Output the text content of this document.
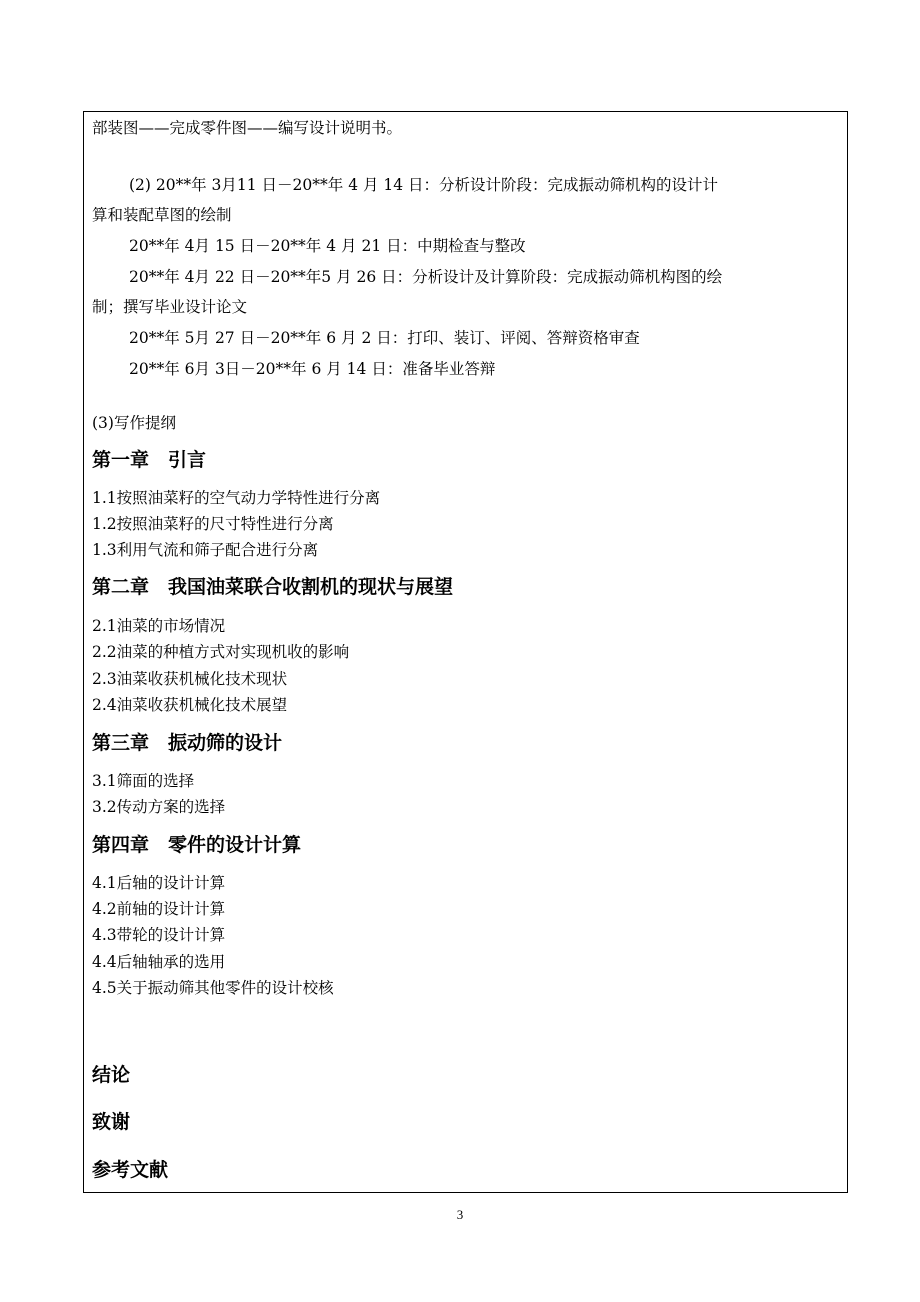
部装图——完成零件图——编写设计说明书。
(2) 20**年 3月11 日－20**年 4 月 14 日：分析设计阶段：完成振动筛机构的设计计
算和装配草图的绘制
20**年 4月 15 日－20**年 4 月 21 日：中期检查与整改
20**年 4月 22 日－20**年5 月 26 日：分析设计及计算阶段：完成振动筛机构图的绘
制；撰写毕业设计论文
20**年 5月 27 日－20**年 6 月 2 日：打印、装订、评阅、答辩资格审查
20**年 6月 3日－20**年 6 月 14 日：准备毕业答辩
(3)写作提纲
第一章　引言
1.1按照油菜籽的空气动力学特性进行分离
1.2按照油菜籽的尺寸特性进行分离
1.3利用气流和筛子配合进行分离
第二章　我国油菜联合收割机的现状与展望
2.1油菜的市场情况
2.2油菜的种植方式对实现机收的影响
2.3油菜收获机械化技术现状
2.4油菜收获机械化技术展望
第三章　振动筛的设计
3.1筛面的选择
3.2传动方案的选择
第四章　零件的设计计算
4.1后轴的设计计算
4.2前轴的设计计算
4.3带轮的设计计算
4.4后轴轴承的选用
4.5关于振动筛其他零件的设计校核
结论
致谢
参考文献
3
